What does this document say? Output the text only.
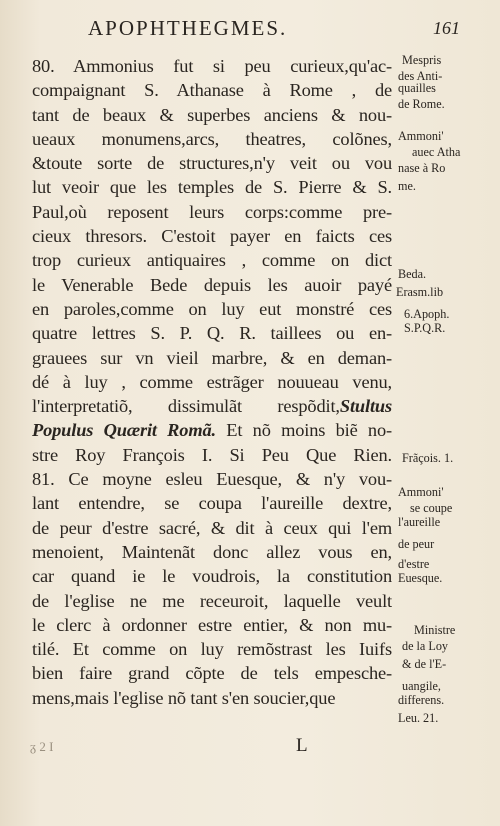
APOPHTHEGMES.	161
80. Ammonius fut si peu curieux,qu'ac-
compaignant S. Athanase à Rome , de
tant de beaux & superbes anciens & nou-
ueaux monumens,arcs, theatres, colõnes,
&toute sorte de structures,n'y veit ou vou
lut veoir que les temples de S. Pierre & S.
Paul,où reposent leurs corps:comme pre-
cieux thresors. C'estoit payer en faicts ces
trop curieux antiquaires , comme on dict
le Venerable Bede depuis les auoir payé
en paroles,comme on luy eut monstré ces
quatre lettres S. P. Q. R. taillees ou en-
grauees sur vn vieil marbre, & en deman-
dé à luy , comme estrãger nouueau venu,
l'interpretatiõ, dissimulãt respõdit,Stultus
Populus Quærit Romã. Et nõ moins biẽ no-
stre Roy François I. Si Peu Que Rien.
81. Ce moyne esleu Euesque, & n'y vou-
lant entendre, se coupa l'aureille dextre,
de peur d'estre sacré, & dit à ceux qui l'em
menoient, Maintenãt donc allez vous en,
car quand ie le voudrois, la constitution
de l'eglise ne me receuroit, laquelle veult
le clerc à ordonner estre entier, & non mu-
tilé. Et comme on luy remõstrast les Iuifs
bien faire grand cõpte de tels empesche-
mens,mais l'eglise nõ tant s'en soucier,que
Mespris
des Anti-
quailles
de Rome.
Ammoni'
auec Atha
nase à Ro
me.
Beda.
Erasm.lib
6.Apoph.
S.P.Q.R.
Frãçois. 1.
Ammoni'
se coupe
l'aureille
de peur
d'estre
Euesque.
Ministre
de la Loy
& de l'E-
uangile,
differens.
Leu. 21.
L
ᵹ 2 I
